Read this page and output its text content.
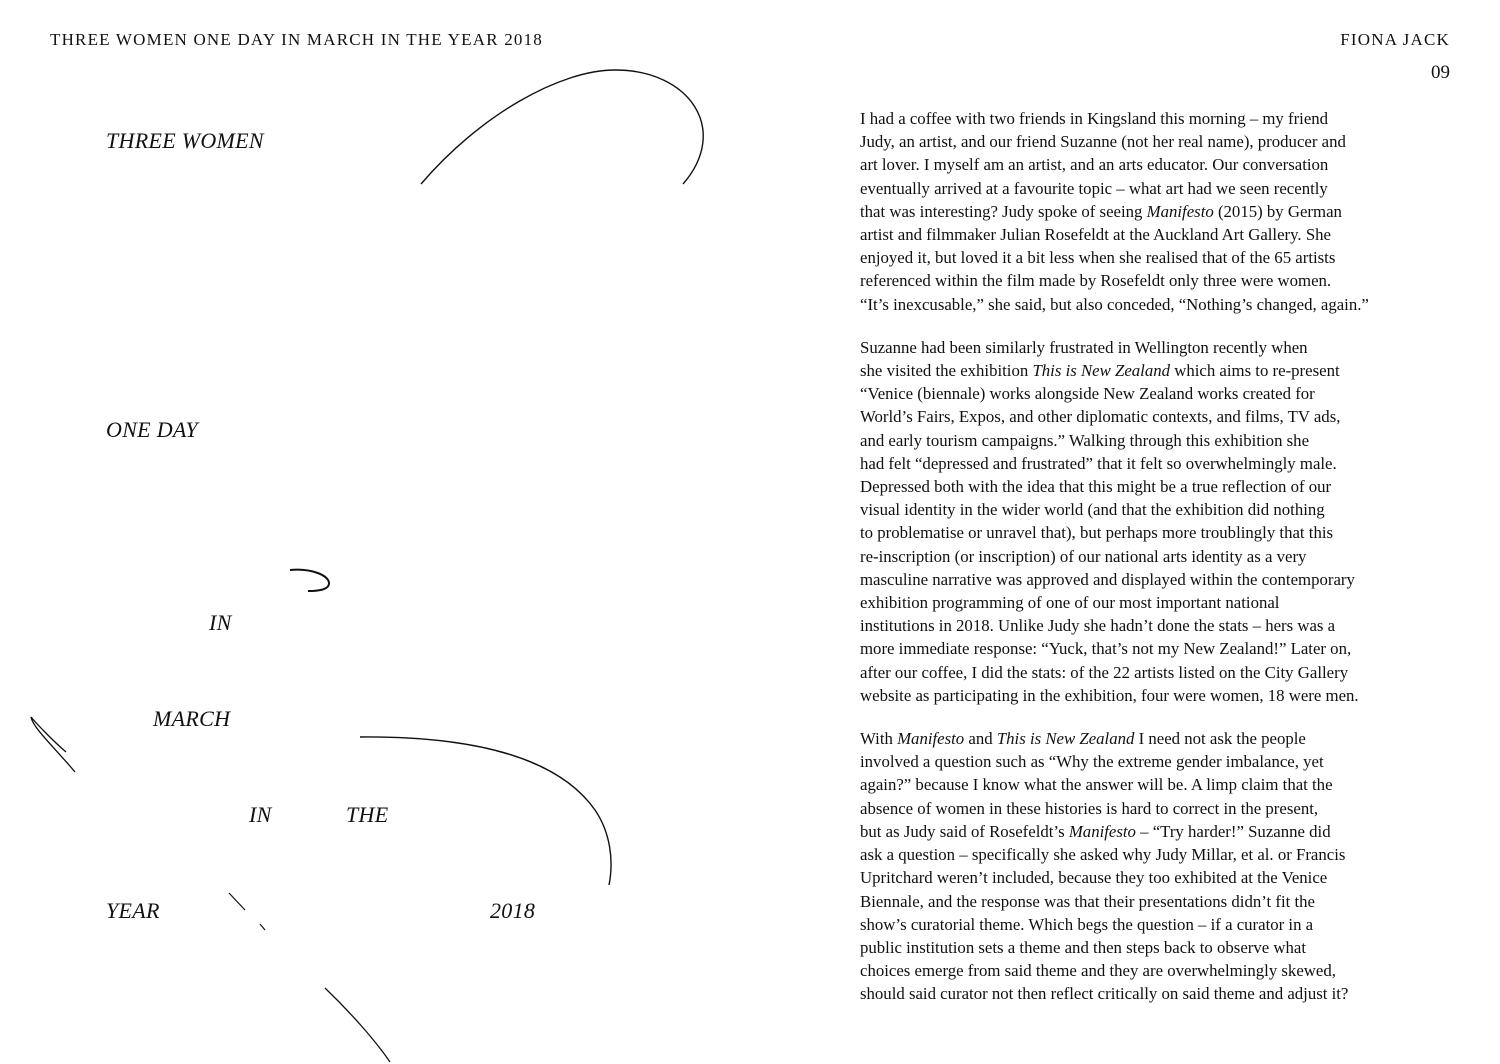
THREE WOMEN ONE DAY IN MARCH IN THE YEAR 2018	FIONA JACK
09
THREE WOMEN
ONE DAY
IN
MARCH
IN	THE
YEAR	2018

I had a coffee with two friends in Kingsland this morning – my friend
Judy, an artist, and our friend Suzanne (not her real name), producer and
art lover. I myself am an artist, and an arts educator. Our conversation
eventually arrived at a favourite topic – what art had we seen recently
that was interesting? Judy spoke of seeing Manifesto (2015) by German
artist and filmmaker Julian Rosefeldt at the Auckland Art Gallery. She
enjoyed it, but loved it a bit less when she realised that of the 65 artists
referenced within the film made by Rosefeldt only three were women.
“It’s inexcusable,” she said, but also conceded, “Nothing’s changed, again.”

Suzanne had been similarly frustrated in Wellington recently when
she visited the exhibition This is New Zealand which aims to re-present
“Venice (biennale) works alongside New Zealand works created for
World’s Fairs, Expos, and other diplomatic contexts, and films, TV ads,
and early tourism campaigns.” Walking through this exhibition she
had felt “depressed and frustrated” that it felt so overwhelmingly male.
Depressed both with the idea that this might be a true reflection of our
visual identity in the wider world (and that the exhibition did nothing
to problematise or unravel that), but perhaps more troublingly that this
re-inscription (or inscription) of our national arts identity as a very
masculine narrative was approved and displayed within the contemporary
exhibition programming of one of our most important national
institutions in 2018. Unlike Judy she hadn’t done the stats – hers was a
more immediate response: “Yuck, that’s not my New Zealand!” Later on,
after our coffee, I did the stats: of the 22 artists listed on the City Gallery
website as participating in the exhibition, four were women, 18 were men.

With Manifesto and This is New Zealand I need not ask the people
involved a question such as “Why the extreme gender imbalance, yet
again?” because I know what the answer will be. A limp claim that the
absence of women in these histories is hard to correct in the present,
but as Judy said of Rosefeldt’s Manifesto – “Try harder!” Suzanne did
ask a question – specifically she asked why Judy Millar, et al. or Francis
Upritchard weren’t included, because they too exhibited at the Venice
Biennale, and the response was that their presentations didn’t fit the
show’s curatorial theme. Which begs the question – if a curator in a
public institution sets a theme and then steps back to observe what
choices emerge from said theme and they are overwhelmingly skewed,
should said curator not then reflect critically on said theme and adjust it?
